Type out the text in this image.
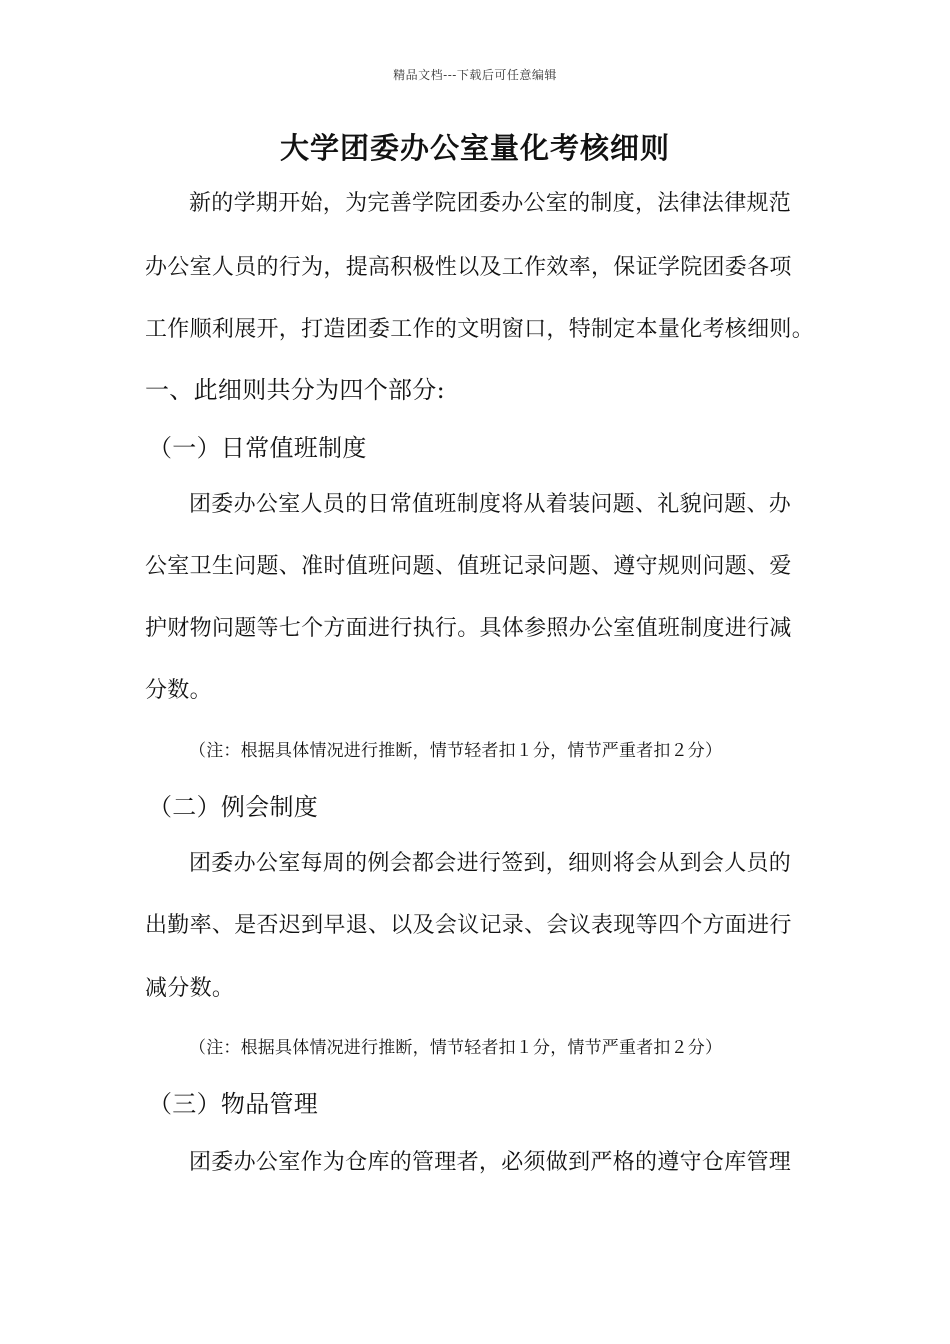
精品文档---下载后可任意编辑
大学团委办公室量化考核细则
新的学期开始，为完善学院团委办公室的制度，法律法律规范
办公室人员的行为，提高积极性以及工作效率，保证学院团委各项
工作顺利展开，打造团委工作的文明窗口，特制定本量化考核细则。
一、此细则共分为四个部分:
（一）日常值班制度
团委办公室人员的日常值班制度将从着装问题、礼貌问题、办
公室卫生问题、准时值班问题、值班记录问题、遵守规则问题、爱
护财物问题等七个方面进行执行。具体参照办公室值班制度进行减
分数。
（注：根据具体情况进行推断，情节轻者扣１分，情节严重者扣２分）
（二）例会制度
团委办公室每周的例会都会进行签到，细则将会从到会人员的
出勤率、是否迟到早退、以及会议记录、会议表现等四个方面进行
减分数。
（注：根据具体情况进行推断，情节轻者扣１分，情节严重者扣２分）
（三）物品管理
团委办公室作为仓库的管理者，必须做到严格的遵守仓库管理
